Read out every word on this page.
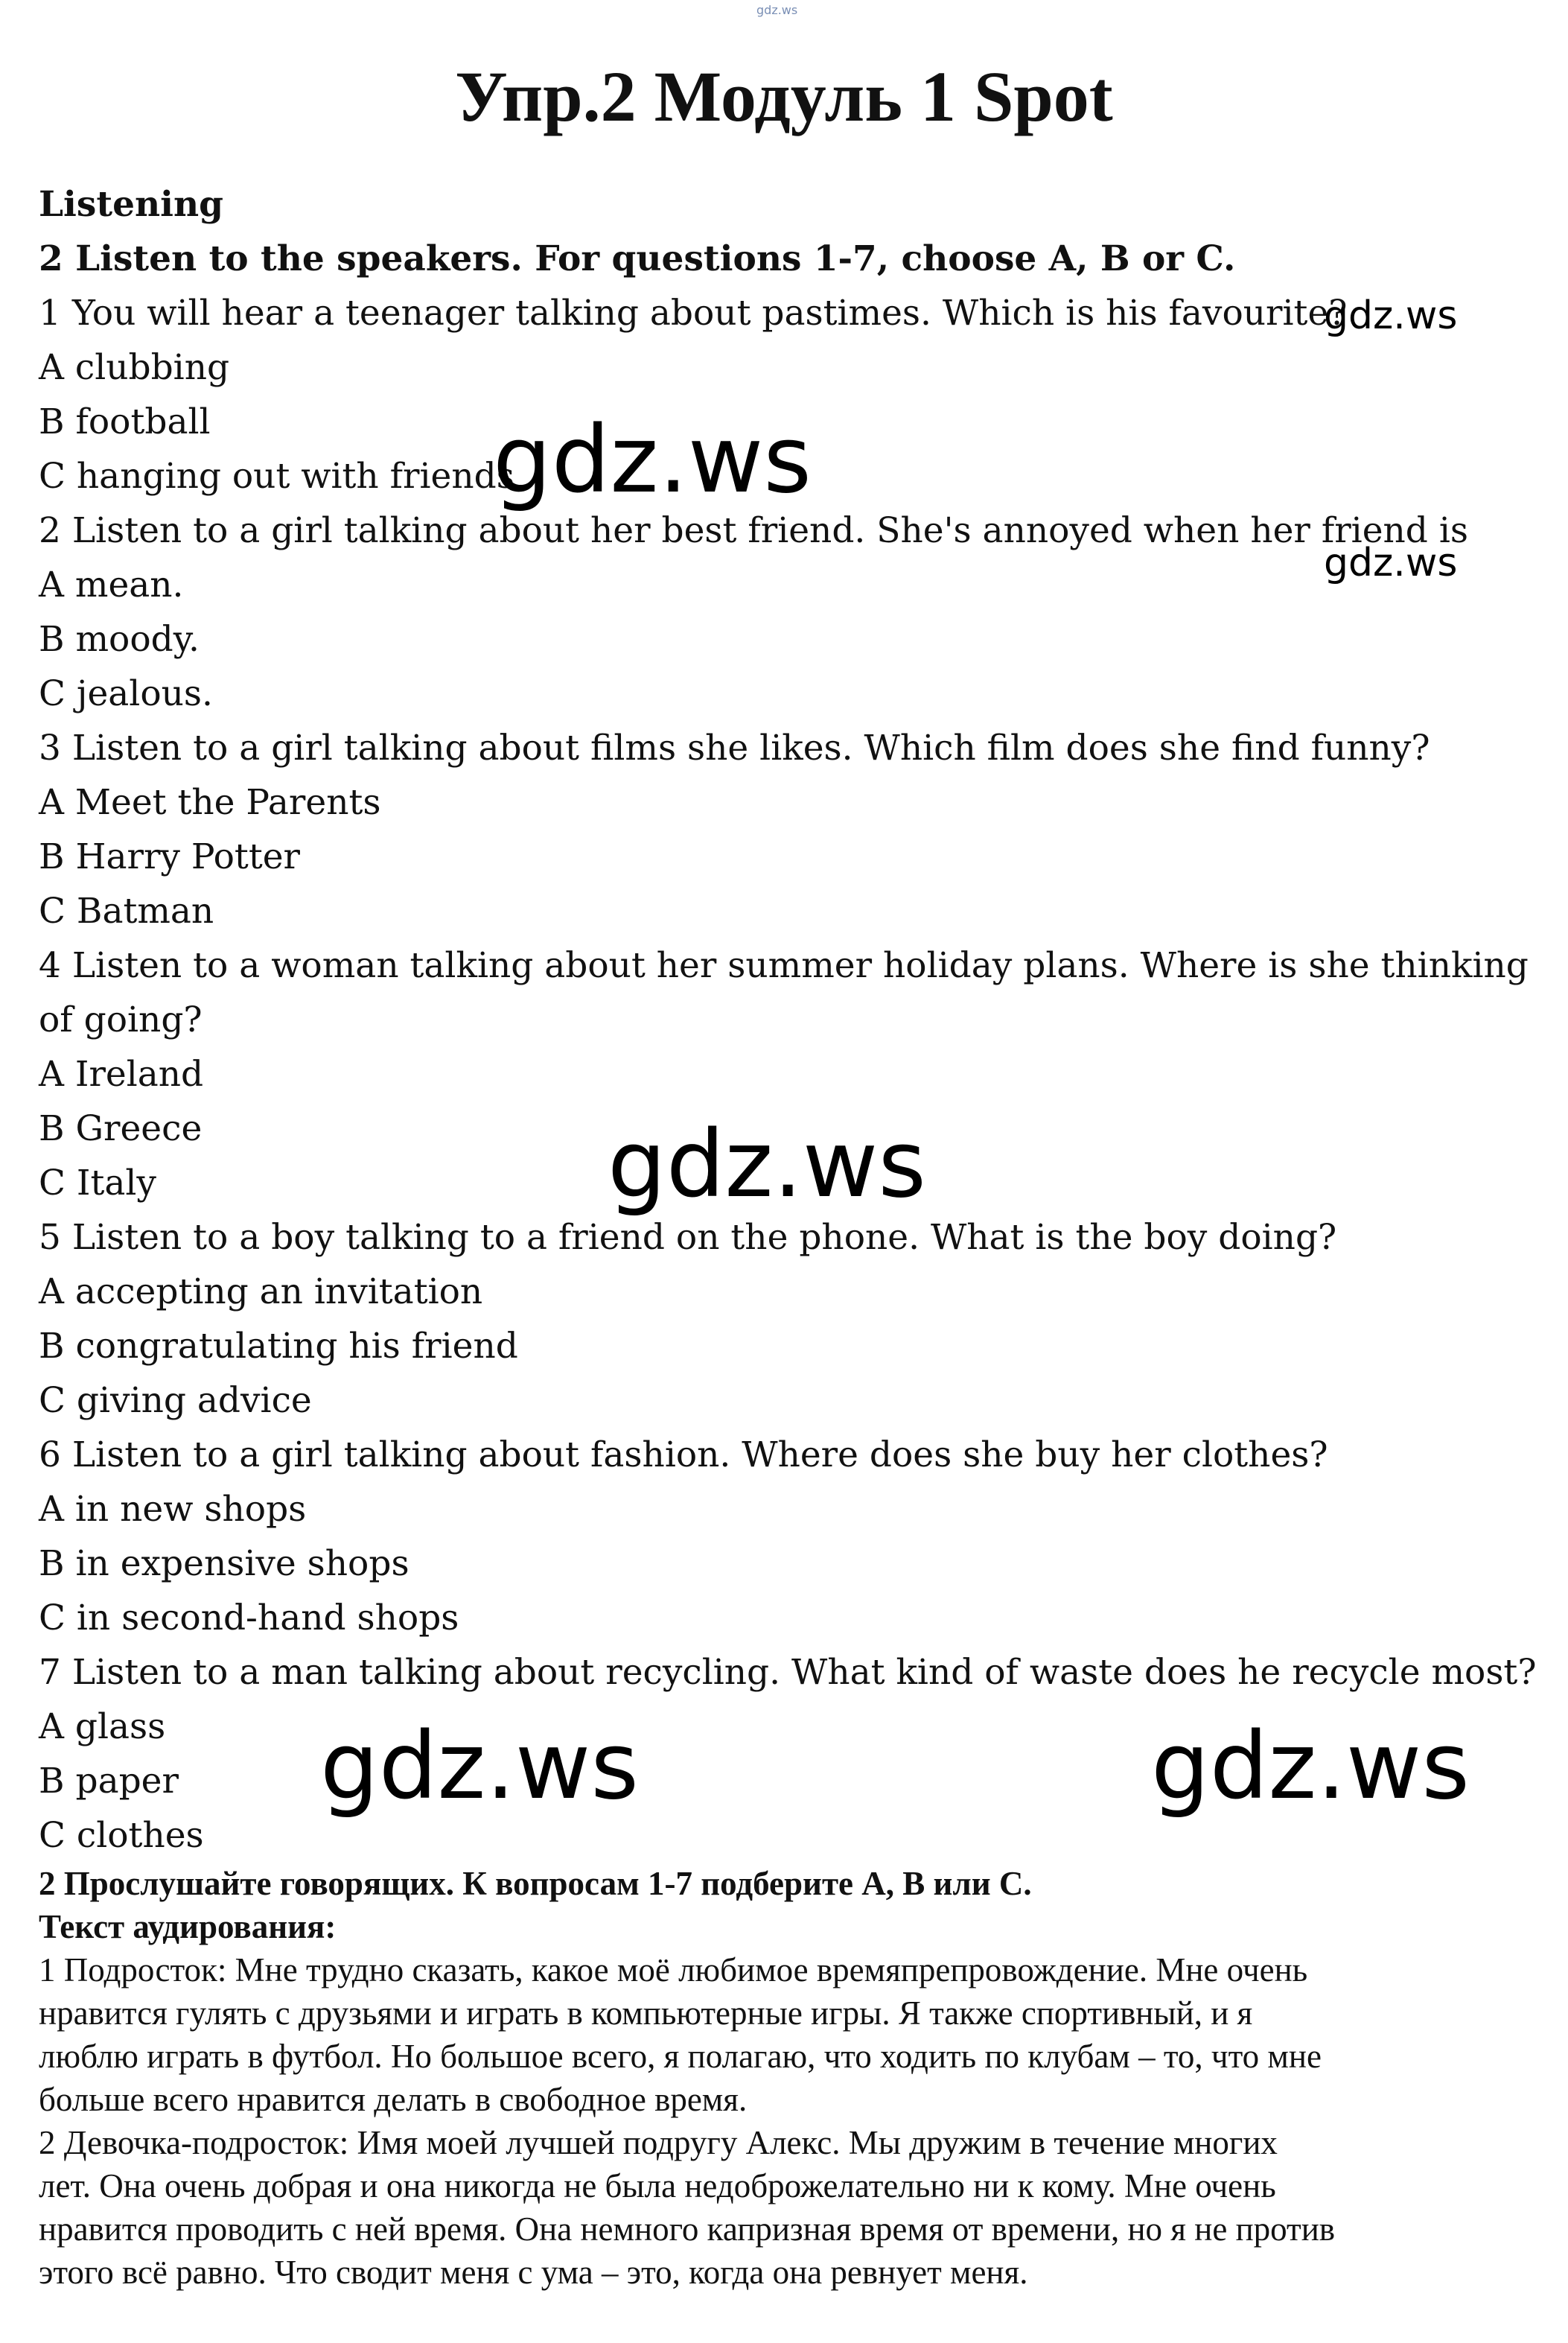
gdz.ws
Упр.2 Модуль 1 Spot
Listening
2 Listen to the speakers. For questions 1-7, choose A, B or C.
1 You will hear a teenager talking about pastimes. Which is his favourite?
A clubbing
B football
C hanging out with friends
2 Listen to a girl talking about her best friend. She's annoyed when her friend is
A mean.
B moody.
C jealous.
3 Listen to a girl talking about films she likes. Which film does she find funny?
A Meet the Parents
B Harry Potter
C Batman
4 Listen to a woman talking about her summer holiday plans. Where is she thinking
of going?
A Ireland
B Greece
C Italy
5 Listen to a boy talking to a friend on the phone. What is the boy doing?
A accepting an invitation
B congratulating his friend
C giving advice
6 Listen to a girl talking about fashion. Where does she buy her clothes?
A in new shops
B in expensive shops
C in second-hand shops
7 Listen to a man talking about recycling. What kind of waste does he recycle most?
A glass
B paper
C clothes
2 Прослушайте говорящих. К вопросам 1-7 подберите A, B или C.
Текст аудирования:
1 Подросток: Мне трудно сказать, какое моё любимое времяпрепровождение. Мне очень
нравится гулять с друзьями и играть в компьютерные игры. Я также спортивный, и я
люблю играть в футбол. Но большое всего, я полагаю, что ходить по клубам – то, что мне
больше всего нравится делать в свободное время.
2 Девочка-подросток: Имя моей лучшей подругу Алекс. Мы дружим в течение многих
лет. Она очень добрая и она никогда не была недоброжелательно ни к кому. Мне очень
нравится проводить с ней время. Она немного капризная время от времени, но я не против
этого всё равно. Что сводит меня с ума – это, когда она ревнует меня.
gdz.ws
gdz.ws
gdz.ws
gdz.ws
gdz.ws	gdz.ws
